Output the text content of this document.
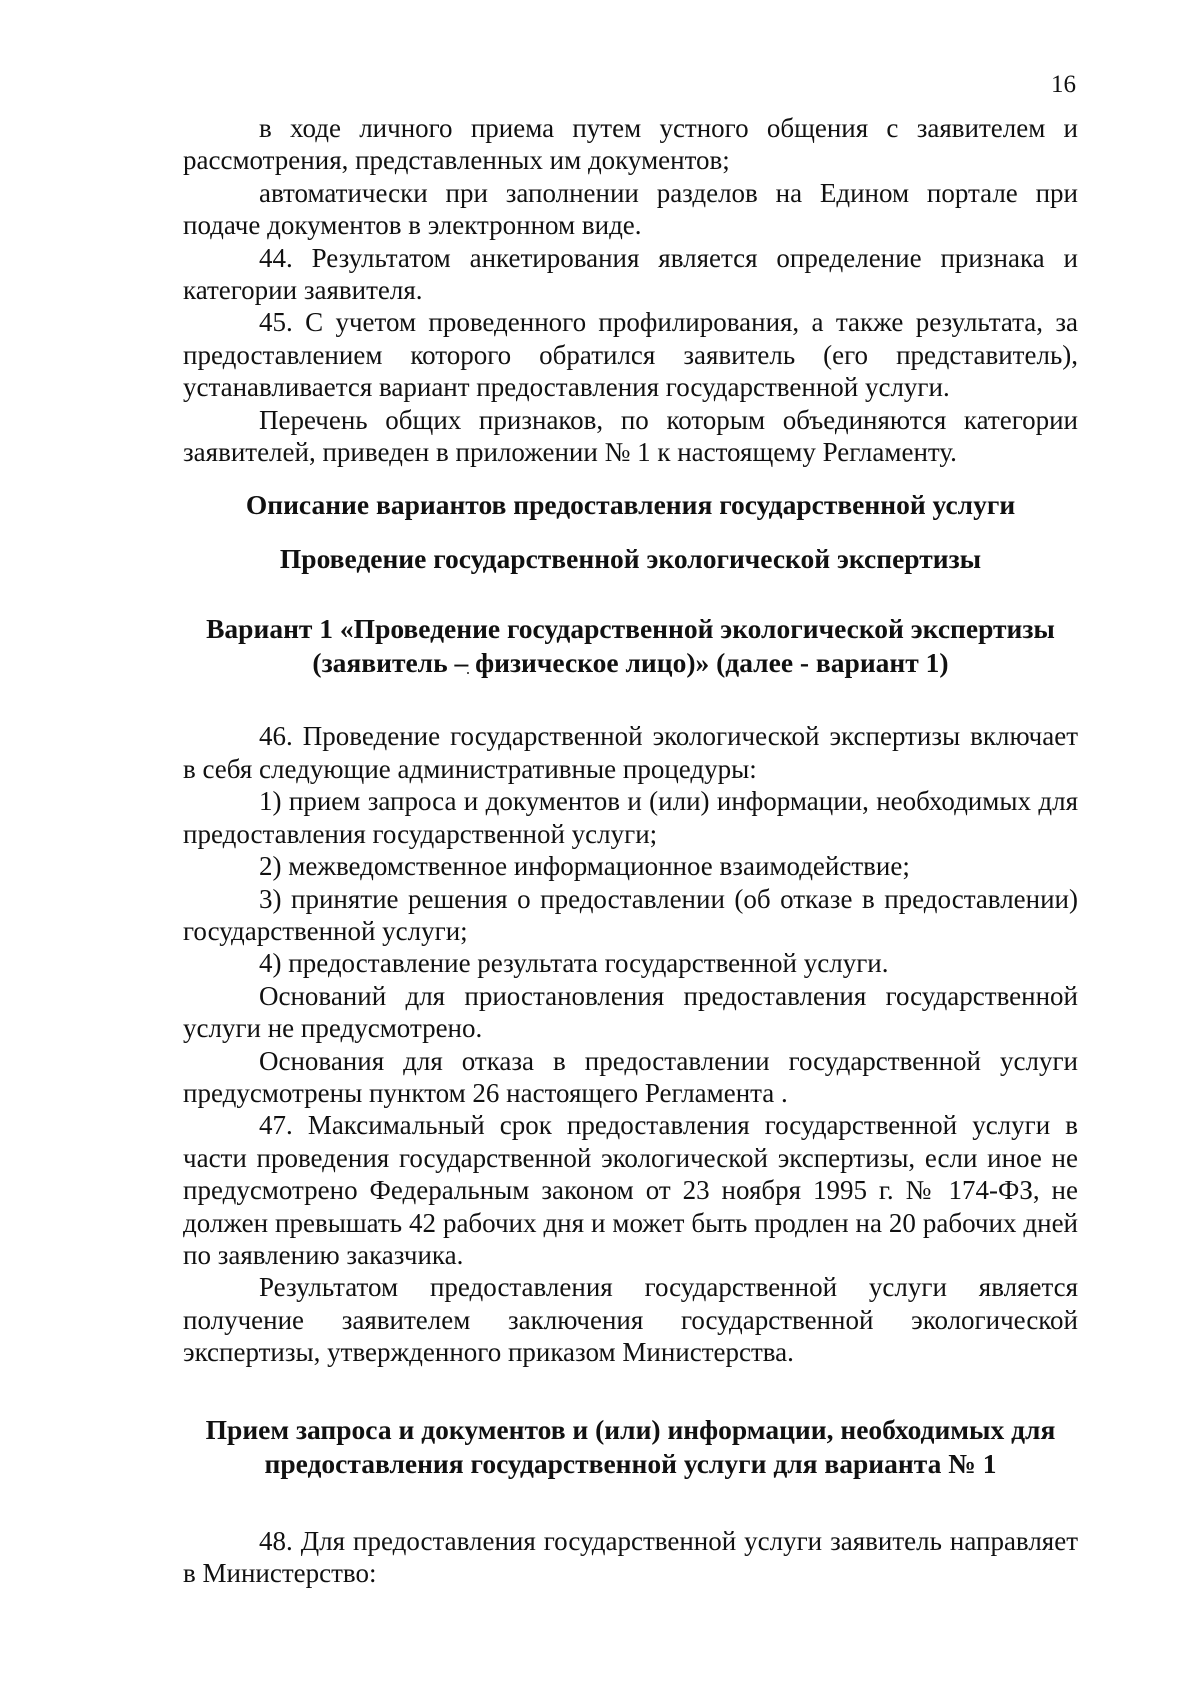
16

в ходе личного приема путем устного общения с заявителем и рассмотрения, представленных им документов;

автоматически при заполнении разделов на Едином портале при подаче документов в электронном виде.

44. Результатом анкетирования является определение признака и категории заявителя.

45. С учетом проведенного профилирования, а также результата, за предоставлением которого обратился заявитель (его представитель), устанавливается вариант предоставления государственной услуги.

Перечень общих признаков, по которым объединяются категории заявителей, приведен в приложении № 1 к настоящему Регламенту.

Описание вариантов предоставления государственной услуги
Проведение государственной экологической экспертизы
Вариант 1 «Проведение государственной экологической экспертизы (заявитель – физическое лицо)» (далее - вариант 1)

46. Проведение государственной экологической экспертизы включает в себя следующие административные процедуры:

1) прием запроса и документов и (или) информации, необходимых для предоставления государственной услуги;

2) межведомственное информационное взаимодействие;

3) принятие решения о предоставлении (об отказе в предоставлении) государственной услуги;

4) предоставление результата государственной услуги.

Оснований для приостановления предоставления государственной услуги не предусмотрено.

Основания для отказа в предоставлении государственной услуги предусмотрены пунктом 26 настоящего Регламента .

47. Максимальный срок предоставления государственной услуги в части проведения государственной экологической экспертизы, если иное не предусмотрено Федеральным законом от 23 ноября 1995 г. № 174-ФЗ, не должен превышать 42 рабочих дня и может быть продлен на 20 рабочих дней по заявлению заказчика.

Результатом предоставления государственной услуги является получение заявителем заключения государственной экологической экспертизы, утвержденного приказом Министерства.

Прием запроса и документов и (или) информации, необходимых для предоставления государственной услуги для варианта № 1

48. Для предоставления государственной услуги заявитель направляет в Министерство:
